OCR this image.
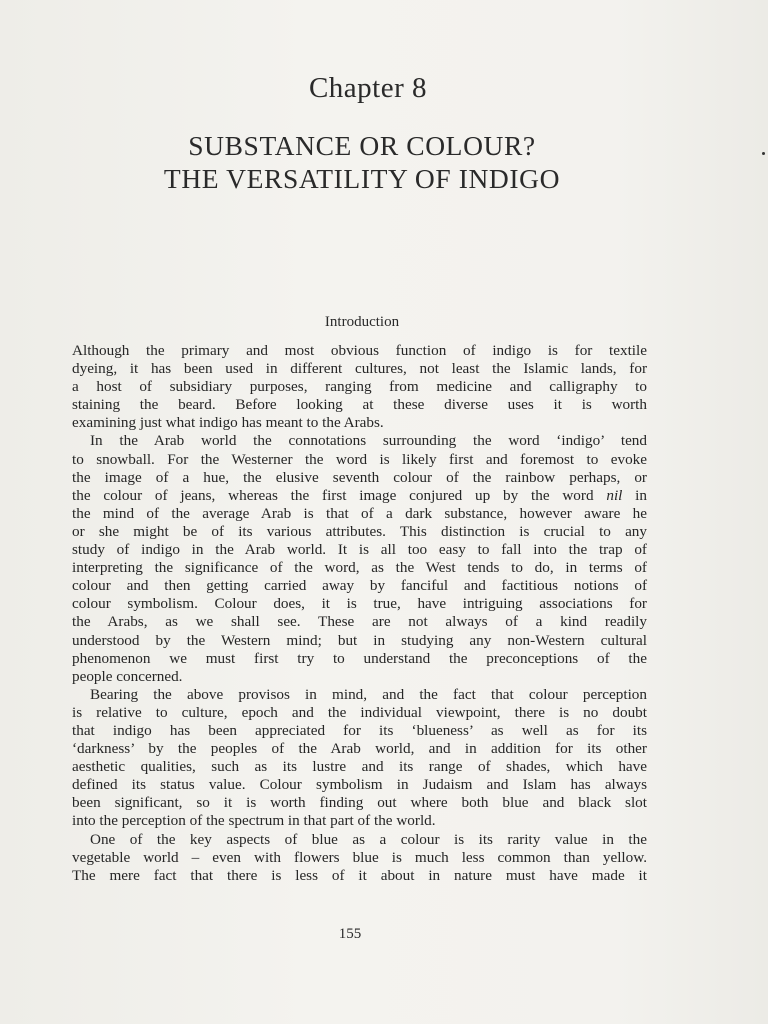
Chapter 8
SUBSTANCE OR COLOUR?
THE VERSATILITY OF INDIGO
Introduction
Although the primary and most obvious function of indigo is for textile
dyeing, it has been used in different cultures, not least the Islamic lands, for
a host of subsidiary purposes, ranging from medicine and calligraphy to
staining the beard. Before looking at these diverse uses it is worth
examining just what indigo has meant to the Arabs.
In the Arab world the connotations surrounding the word ‘indigo’ tend
to snowball. For the Westerner the word is likely first and foremost to evoke
the image of a hue, the elusive seventh colour of the rainbow perhaps, or
the colour of jeans, whereas the first image conjured up by the word nil in
the mind of the average Arab is that of a dark substance, however aware he
or she might be of its various attributes. This distinction is crucial to any
study of indigo in the Arab world. It is all too easy to fall into the trap of
interpreting the significance of the word, as the West tends to do, in terms of
colour and then getting carried away by fanciful and factitious notions of
colour symbolism. Colour does, it is true, have intriguing associations for
the Arabs, as we shall see. These are not always of a kind readily
understood by the Western mind; but in studying any non-Western cultural
phenomenon we must first try to understand the preconceptions of the
people concerned.
Bearing the above provisos in mind, and the fact that colour perception
is relative to culture, epoch and the individual viewpoint, there is no doubt
that indigo has been appreciated for its ‘blueness’ as well as for its
‘darkness’ by the peoples of the Arab world, and in addition for its other
aesthetic qualities, such as its lustre and its range of shades, which have
defined its status value. Colour symbolism in Judaism and Islam has always
been significant, so it is worth finding out where both blue and black slot
into the perception of the spectrum in that part of the world.
One of the key aspects of blue as a colour is its rarity value in the
vegetable world – even with flowers blue is much less common than yellow.
The mere fact that there is less of it about in nature must have made it
155
